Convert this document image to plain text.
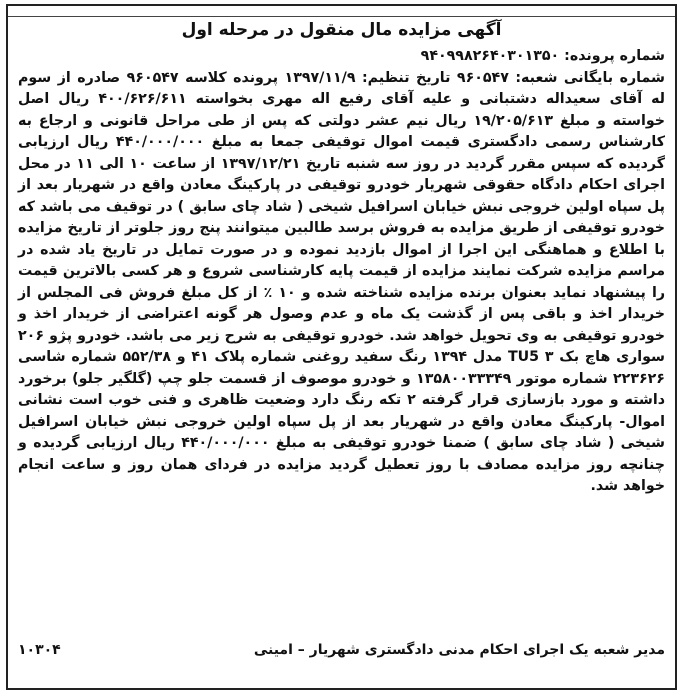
آگهی مزایده مال منقول در مرحله اول

شماره پرونده: ۹۴۰۹۹۸۲۶۴۰۳۰۱۳۵۰

شماره بایگانی شعبه: ۹۶۰۵۴۷ تاریخ تنظیم: ۱۳۹۷/۱۱/۹ پرونده کلاسه ۹۶۰۵۴۷ صادره از سوم له آقای سعیداله دشتبانی و علیه آقای رفیع اله مهری بخواسته ۴۰۰/۶۲۶/۶۱۱ ریال اصل خواسته و مبلغ ۱۹/۲۰۵/۶۱۳ ریال نیم عشر دولتی که پس از طی مراحل قانونی و ارجاع به کارشناس رسمی دادگستری قیمت اموال توقیفی جمعا به مبلغ ۴۴۰/۰۰۰/۰۰۰ ریال ارزیابی گردیده که سپس مقرر گردید در روز سه شنبه تاریخ ۱۳۹۷/۱۲/۲۱ از ساعت ۱۰ الی ۱۱ در محل اجرای احکام دادگاه حقوقی شهریار خودرو توقیفی در پارکینگ معادن واقع در شهریار بعد از پل سپاه اولین خروجی نبش خیابان اسرافیل شیخی ( شاد چای سابق ) در توقیف می باشد که خودرو توقیفی از طریق مزایده به فروش برسد طالبین میتوانند پنج روز جلوتر از تاریخ مزایده با اطلاع و هماهنگی این اجرا از اموال بازدید نموده و در صورت تمایل در تاریخ یاد شده در مراسم مزایده شرکت نمایند مزایده از قیمت پایه کارشناسی شروع و هر کسی بالاترین قیمت را پیشنهاد نماید بعنوان برنده مزایده شناخته شده و ۱۰ ٪ از کل مبلغ فروش فی المجلس از خریدار اخذ و باقی پس از گذشت یک ماه و عدم وصول هر گونه اعتراضی از خریدار اخذ و خودرو توقیفی به وی تحویل خواهد شد. خودرو توقیفی به شرح زیر می باشد. خودرو پژو ۲۰۶ سواری هاچ بک ۳ TU5 مدل ۱۳۹۴ رنگ سفید روغنی شماره پلاک ۴۱ و ۵۵۲/۳۸ شماره شاسی ۲۲۳۶۲۶ شماره موتور ۱۳۵۸۰۰۳۳۳۴۹ و خودرو موصوف از قسمت جلو چپ (گلگیر جلو) برخورد داشته و مورد بازسازی قرار گرفته ۲ تکه رنگ دارد وضعیت ظاهری و فنی خوب است نشانی اموال- پارکینگ معادن واقع در شهریار بعد از پل سپاه اولین خروجی نبش خیابان اسرافیل شیخی ( شاد چای سابق ) ضمنا خودرو توقیفی به مبلغ ۴۴۰/۰۰۰/۰۰۰ ریال ارزیابی گردیده و چنانچه روز مزایده مصادف با روز تعطیل گردید مزایده در فردای همان روز و ساعت انجام خواهد شد.

مدیر شعبه یک اجرای احکام مدنی دادگستری شهریار – امینی
۱۰۳۰۴
